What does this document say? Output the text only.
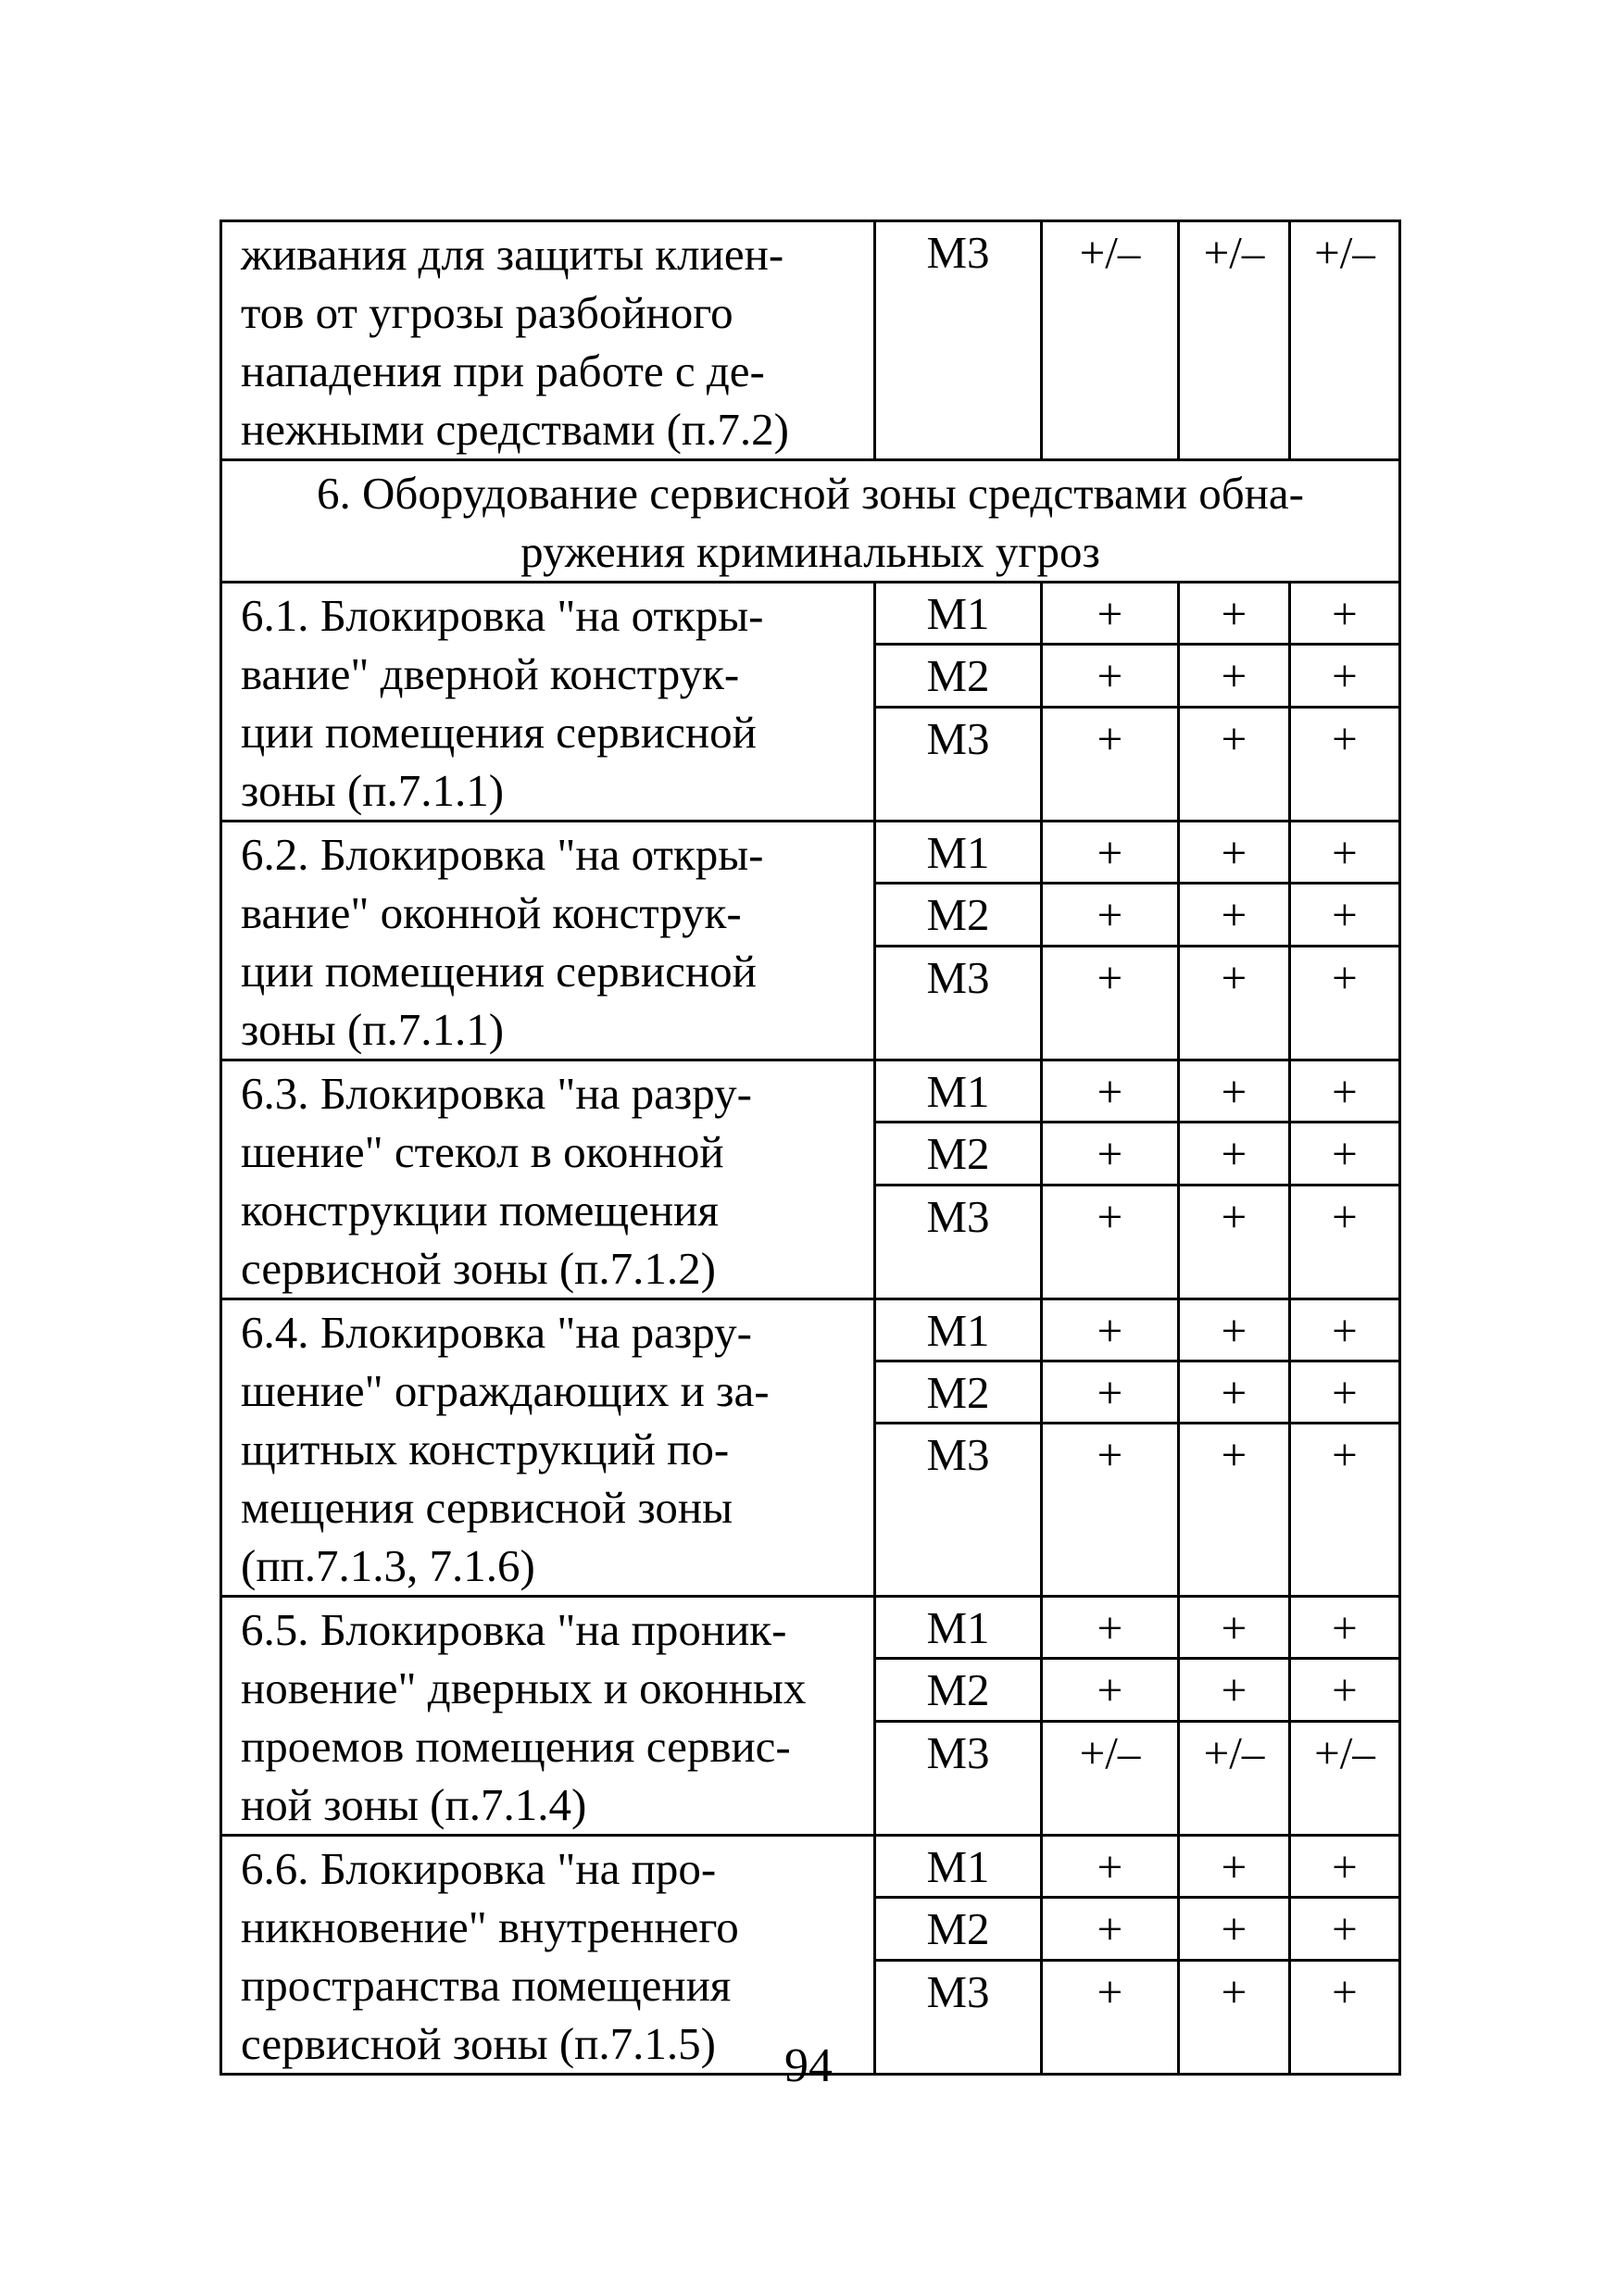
живания для защиты клиен-
тов от угрозы разбойного
нападения при работе с де-
нежными средствами (п.7.2)	М3	+/–	+/–	+/–
6. Оборудование сервисной зоны средствами обна-ружения криминальных угроз				
6.1. Блокировка "на откры-
вание" дверной конструк-
ции помещения сервисной
зоны (п.7.1.1)	М1	+	+	+
	М2	+	+	+
	М3	+	+	+
6.2. Блокировка "на откры-
вание" оконной конструк-
ции помещения сервисной
зоны (п.7.1.1)	М1	+	+	+
	М2	+	+	+
	М3	+	+	+
6.3. Блокировка "на разру-
шение" стекол в оконной
конструкции помещения
сервисной зоны (п.7.1.2)	М1	+	+	+
	М2	+	+	+
	М3	+	+	+
6.4. Блокировка "на разру-
шение" ограждающих и за-
щитных конструкций по-
мещения сервисной зоны
(пп.7.1.3, 7.1.6)	М1	+	+	+
	М2	+	+	+
	М3	+	+	+
6.5. Блокировка "на проник-
новение" дверных и оконных
проемов помещения сервис-
ной зоны (п.7.1.4)	М1	+	+	+
	М2	+	+	+
	М3	+/–	+/–	+/–
6.6. Блокировка "на про-
никновение" внутреннего
пространства помещения
сервисной зоны (п.7.1.5)	М1	+	+	+
	М2	+	+	+
	М3	+	+	+
94
